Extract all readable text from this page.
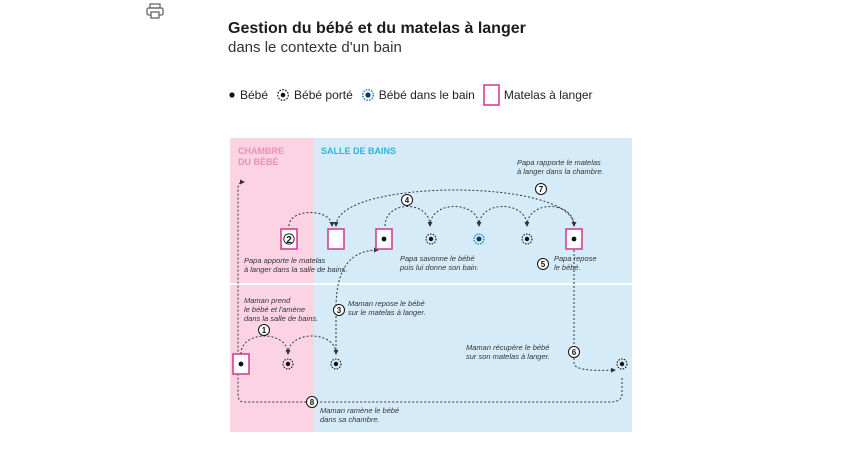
Gestion du bébé et du matelas à langer
dans le contexte d'un bain
Bébé Bébé porté Bébé dans le bain Matelas à langer
CHAMBRE
DU BÉBÉ
SALLE DE BAINS
2
4
7
5
3
1
6
8
Papa apporte le matelas
à langer dans la salle de bains.
Papa rapporte le matelas
à langer dans la chambre.
Papa savonne le bébé
puis lui donne son bain.
Papa repose
le bébé.
Maman prend
le bébé et l'amène
dans la salle de bains.
Maman repose le bébé
sur le matelas à langer.
Maman récupère le bébé
sur son matelas à langer.
Maman ramène le bébé
dans sa chambre.
